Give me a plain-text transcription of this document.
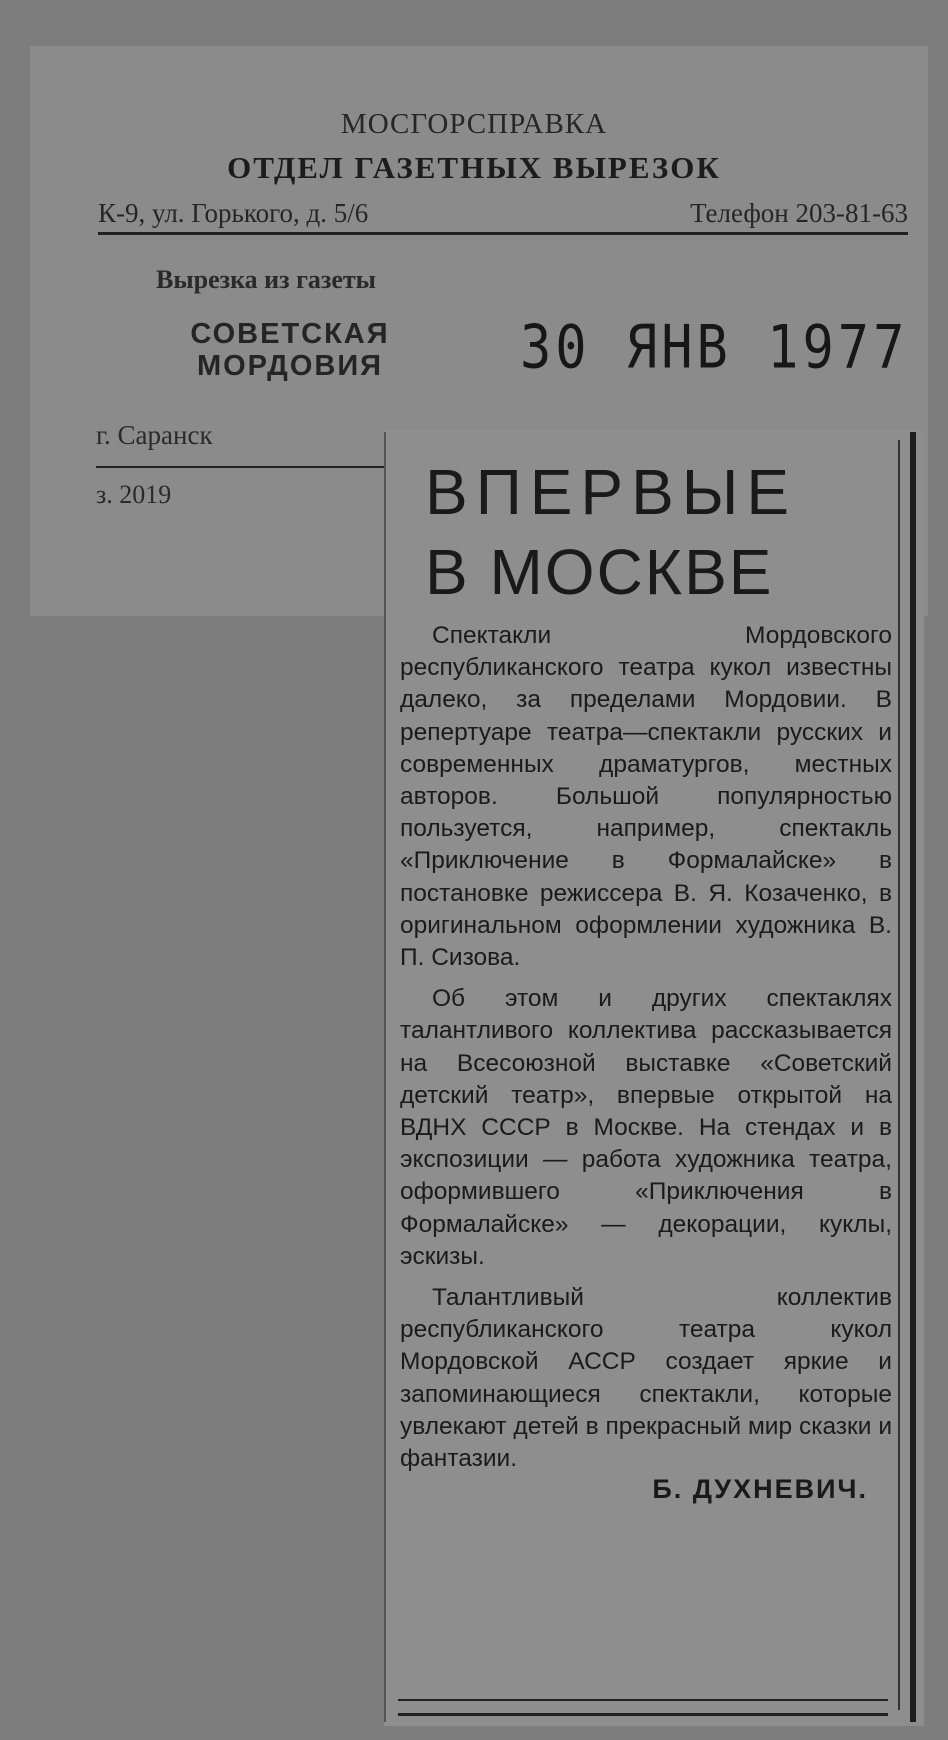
МОСГОРСПРАВКА
ОТДЕЛ ГАЗЕТНЫХ ВЫРЕЗОК
К-9, ул. Горького, д. 5/6	Телефон 203-81-63
Вырезка из газеты
СОВЕТСКАЯ
МОРДОВИЯ	30 ЯНВ 1977
г. Саранск
з. 2019	ВПЕРВЫЕ
В МОСКВЕ

Спектакли Мордовского республиканского театра кукол известны далеко, за пределами Мордовии. В репертуаре театра—спектакли русских и современных драматургов, местных авторов. Большой популярностью пользуется, например, спектакль «Приключение в Формалайске» в постановке режиссера В. Я. Козаченко, в оригинальном оформлении художника В. П. Сизова.

Об этом и других спектаклях талантливого коллектива рассказывается на Всесоюзной выставке «Советский детский театр», впервые открытой на ВДНХ СССР в Москве. На стендах и в экспозиции — работа художника театра, оформившего «Приключения в Формалайске» — декорации, куклы, эскизы.

Талантливый коллектив республиканского театра кукол Мордовской АССР создает яркие и запоминающиеся спектакли, которые увлекают детей в прекрасный мир сказки и фантазии.

Б. ДУХНЕВИЧ.
